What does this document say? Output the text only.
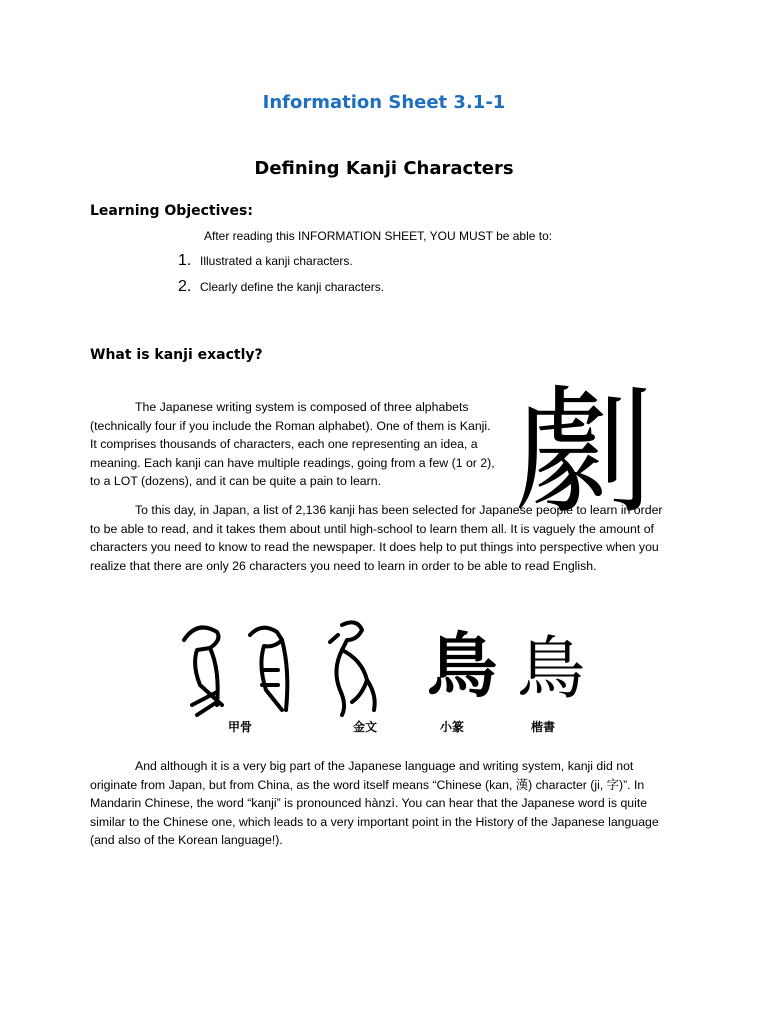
Information Sheet 3.1-1
Defining Kanji Characters
Learning Objectives:
After reading this INFORMATION SHEET, YOU MUST be able to:
1. Illustrated a kanji characters.
2. Clearly define the kanji characters.
What is kanji exactly?

The Japanese writing system is composed of three alphabets (technically four if you include the Roman alphabet). One of them is Kanji. It comprises thousands of characters, each one representing an idea, a meaning. Each kanji can have multiple readings, going from a few (1 or 2), to a LOT (dozens), and it can be quite a pain to learn. 劇

To this day, in Japan, a list of 2,136 kanji has been selected for Japanese people to learn in order to be able to read, and it takes them about until high-school to learn them all. It is vaguely the amount of characters you need to know to read the newspaper. It does help to put things into perspective when you realize that there are only 26 characters you need to learn in order to be able to read English.

鳥 鳥
甲骨	金文	小篆	楷書

And although it is a very big part of the Japanese language and writing system, kanji did not originate from Japan, but from China, as the word itself means “Chinese (kan, 漢) character (ji, 字)”. In Mandarin Chinese, the word “kanji” is pronounced hànzì. You can hear that the Japanese word is quite similar to the Chinese one, which leads to a very important point in the History of the Japanese language (and also of the Korean language!).
